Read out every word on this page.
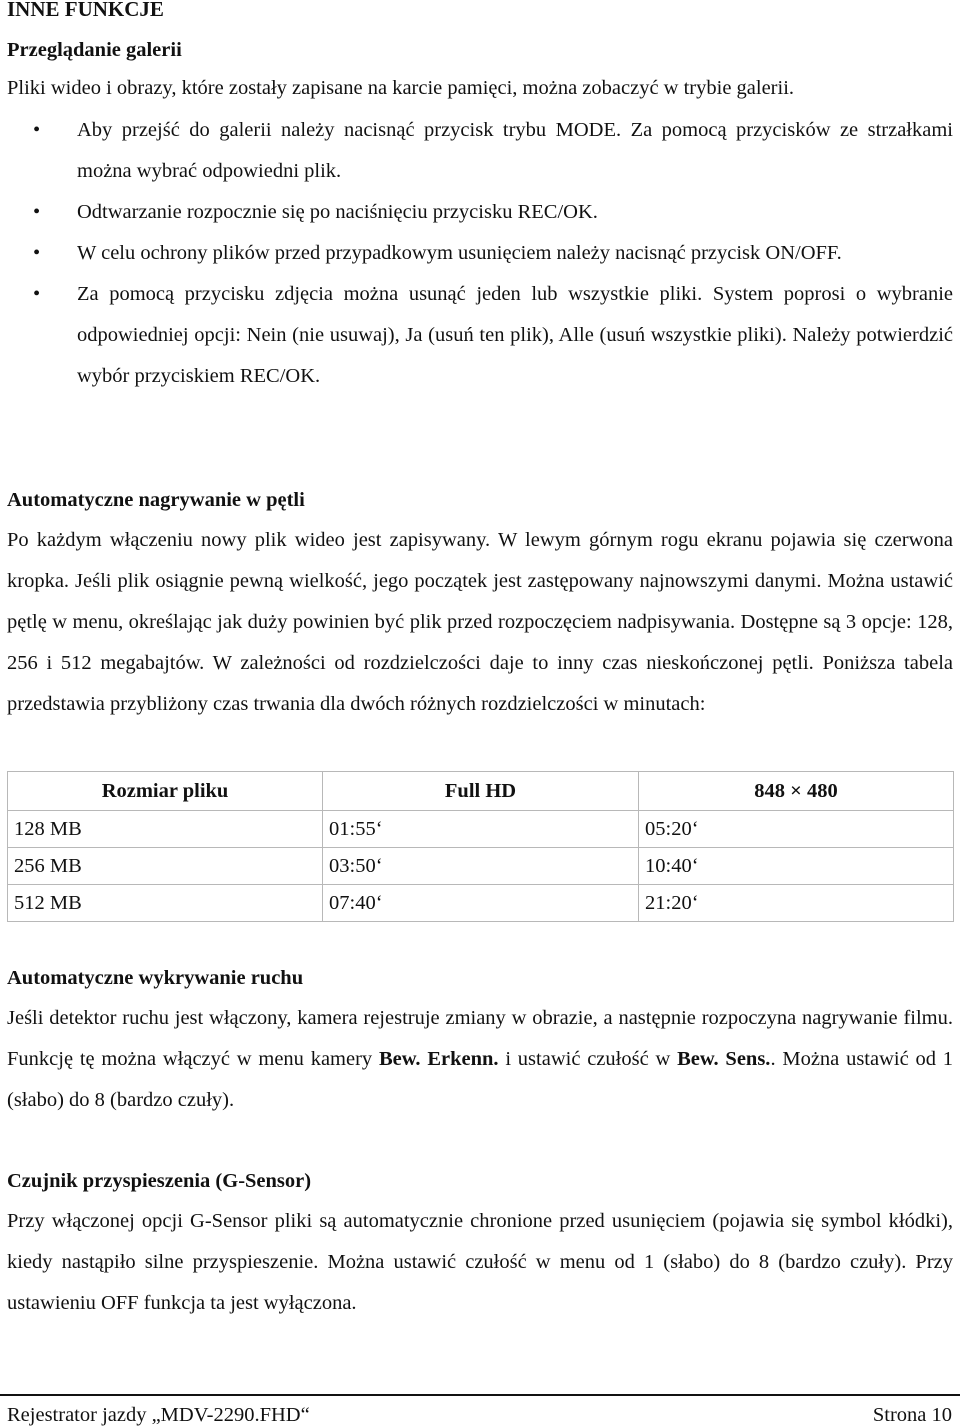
INNE FUNKCJE
Przeglądanie galerii

Pliki wideo i obrazy, które zostały zapisane na karcie pamięci, można zobaczyć w trybie galerii.

• Aby przejść do galerii należy nacisnąć przycisk trybu MODE. Za pomocą przycisków ze strzałkami można wybrać odpowiedni plik.
• Odtwarzanie rozpocznie się po naciśnięciu przycisku REC/OK.
• W celu ochrony plików przed przypadkowym usunięciem należy nacisnąć przycisk ON/OFF.
• Za pomocą przycisku zdjęcia można usunąć jeden lub wszystkie pliki. System poprosi o wybranie odpowiedniej opcji: Nein (nie usuwaj), Ja (usuń ten plik), Alle (usuń wszystkie pliki). Należy potwierdzić wybór przyciskiem REC/OK.
Automatyczne nagrywanie w pętli

Po każdym włączeniu nowy plik wideo jest zapisywany. W lewym górnym rogu ekranu pojawia się czerwona kropka. Jeśli plik osiągnie pewną wielkość, jego początek jest zastępowany najnowszymi danymi. Można ustawić pętlę w menu, określając jak duży powinien być plik przed rozpoczęciem nadpisywania. Dostępne są 3 opcje: 128, 256 i 512 megabajtów. W zależności od rozdzielczości daje to inny czas nieskończonej pętli. Poniższa tabela przedstawia przybliżony czas trwania dla dwóch różnych rozdzielczości w minutach:

Rozmiar pliku	Full HD	848 × 480
128 MB	01:55‘	05:20‘
256 MB	03:50‘	10:40‘
512 MB	07:40‘	21:20‘
Automatyczne wykrywanie ruchu

Jeśli detektor ruchu jest włączony, kamera rejestruje zmiany w obrazie, a następnie rozpoczyna nagrywanie filmu. Funkcję tę można włączyć w menu kamery Bew. Erkenn. i ustawić czułość w Bew. Sens.. Można ustawić od 1 (słabo) do 8 (bardzo czuły).

Czujnik przyspieszenia (G-Sensor)

Przy włączonej opcji G-Sensor pliki są automatycznie chronione przed usunięciem (pojawia się symbol kłódki), kiedy nastąpiło silne przyspieszenie. Można ustawić czułość w menu od 1 (słabo) do 8 (bardzo czuły). Przy ustawieniu OFF funkcja ta jest wyłączona.

Rejestrator jazdy „MDV-2290.FHD“	Strona 10
